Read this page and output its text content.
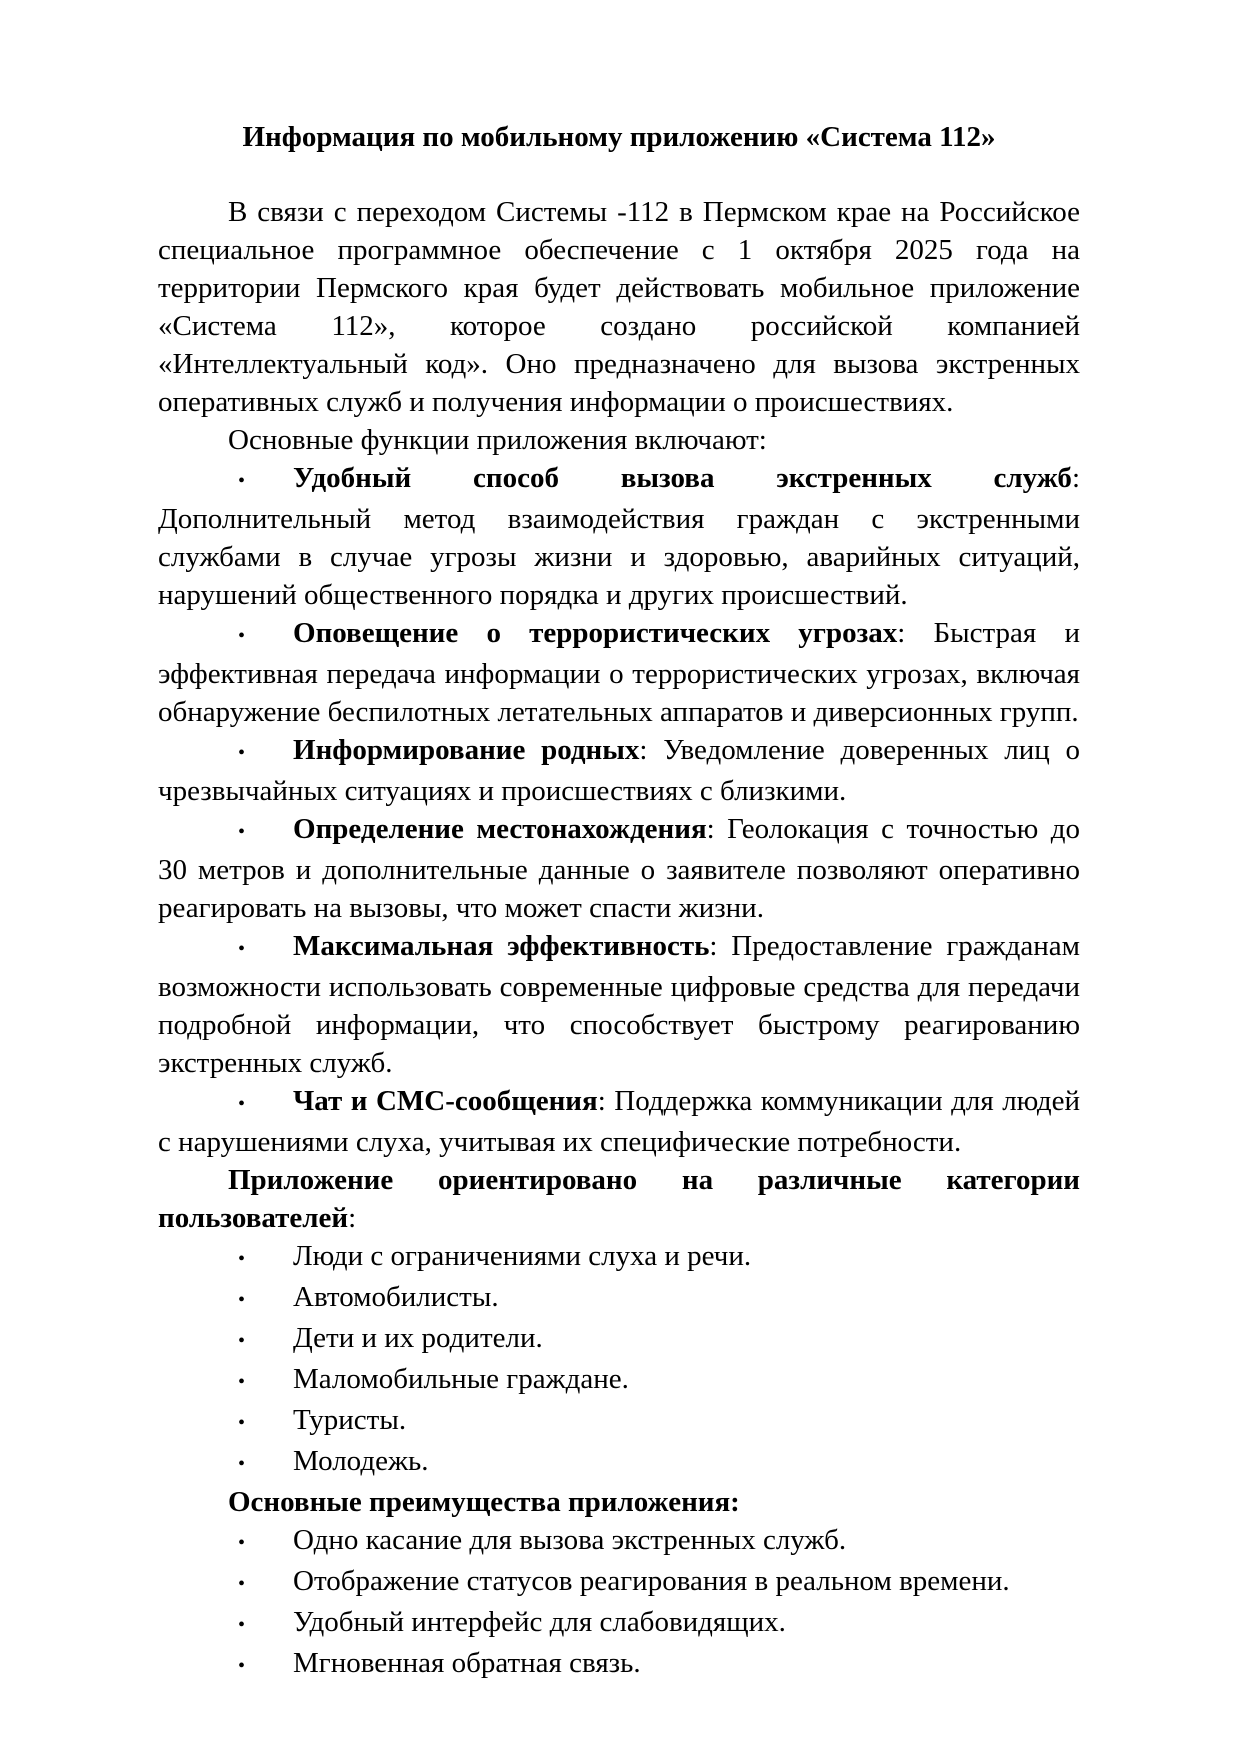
Информация по мобильному приложению «Система 112»

В связи с переходом Системы -112 в Пермском крае на Российское специальное программное обеспечение с 1 октября 2025 года на территории Пермского края будет действовать мобильное приложение «Система 112», которое создано российской компанией «Интеллектуальный код». Оно предназначено для вызова экстренных оперативных служб и получения информации о происшествиях.

Основные функции приложения включают:

• Удобный способ вызова экстренных служб: Дополнительный метод взаимодействия граждан с экстренными службами в случае угрозы жизни и здоровью, аварийных ситуаций, нарушений общественного порядка и других происшествий.

• Оповещение о террористических угрозах: Быстрая и эффективная передача информации о террористических угрозах, включая обнаружение беспилотных летательных аппаратов и диверсионных групп.

• Информирование родных: Уведомление доверенных лиц о чрезвычайных ситуациях и происшествиях с близкими.

• Определение местонахождения: Геолокация с точностью до 30 метров и дополнительные данные о заявителе позволяют оперативно реагировать на вызовы, что может спасти жизни.

• Максимальная эффективность: Предоставление гражданам возможности использовать современные цифровые средства для передачи подробной информации, что способствует быстрому реагированию экстренных служб.

• Чат и СМС-сообщения: Поддержка коммуникации для людей с нарушениями слуха, учитывая их специфические потребности.

Приложение ориентировано на различные категории пользователей:

• Люди с ограничениями слуха и речи.

• Автомобилисты.

• Дети и их родители.

• Маломобильные граждане.

• Туристы.

• Молодежь.

Основные преимущества приложения:

• Одно касание для вызова экстренных служб.

• Отображение статусов реагирования в реальном времени.

• Удобный интерфейс для слабовидящих.

• Мгновенная обратная связь.
